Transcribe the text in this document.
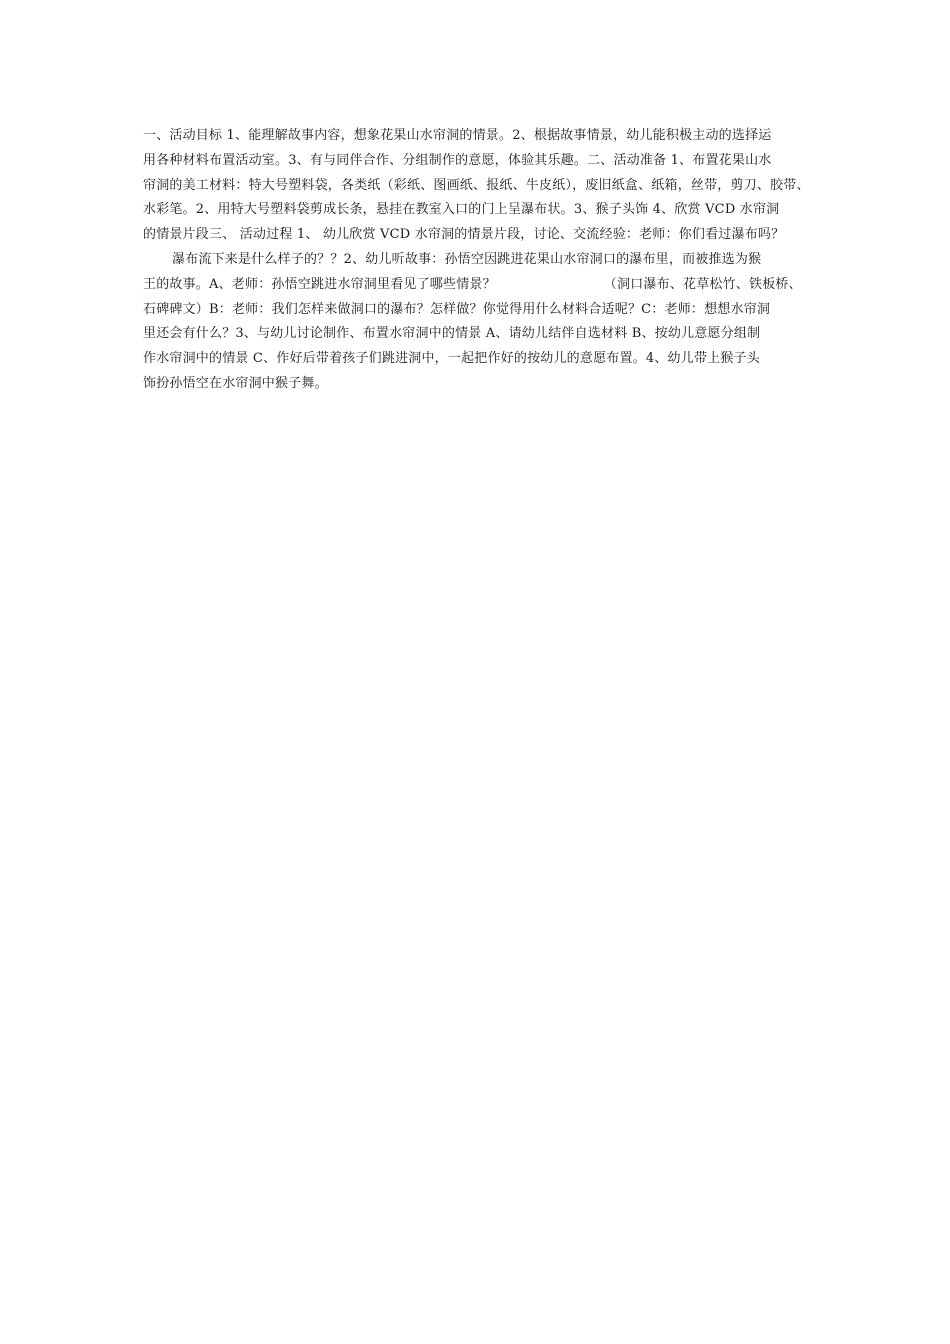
一、活动目标 1、能理解故事内容，想象花果山水帘洞的情景。2、根据故事情景，幼儿能积极主动的选择运
用各种材料布置活动室。3、有与同伴合作、分组制作的意愿，体验其乐趣。二、活动准备 1、布置花果山水
帘洞的美工材料：特大号塑料袋，各类纸（彩纸、图画纸、报纸、牛皮纸），废旧纸盒、纸箱，丝带，剪刀、胶带、
水彩笔。2、用特大号塑料袋剪成长条，悬挂在教室入口的门上呈瀑布状。3、猴子头饰 4、欣赏 VCD 水帘洞
的情景片段三、 活动过程 1、 幼儿欣赏 VCD 水帘洞的情景片段，讨论、交流经验：老师：你们看过瀑布吗？
瀑布流下来是什么样子的？？2、幼儿听故事：孙悟空因跳进花果山水帘洞口的瀑布里，而被推选为猴
王的故事。A、老师：孙悟空跳进水帘洞里看见了哪些情景？	（洞口瀑布、花草松竹、铁板桥、
石碑碑文）B：老师：我们怎样来做洞口的瀑布？怎样做？你觉得用什么材料合适呢？C：老师：想想水帘洞
里还会有什么？3、与幼儿讨论制作、布置水帘洞中的情景 A、请幼儿结伴自选材料 B、按幼儿意愿分组制
作水帘洞中的情景 C、作好后带着孩子们跳进洞中，一起把作好的按幼儿的意愿布置。4、幼儿带上猴子头
饰扮孙悟空在水帘洞中猴子舞。
